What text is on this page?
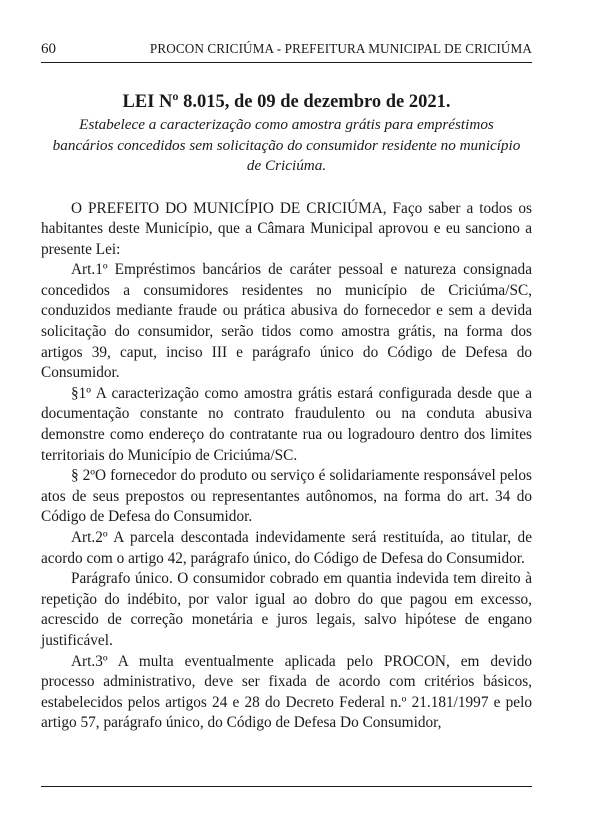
60	PROCON CRICIÚMA - PREFEITURA MUNICIPAL DE CRICIÚMA
LEI Nº 8.015, de 09 de dezembro de 2021.

Estabelece a caracterização como amostra grátis para empréstimos bancários concedidos sem solicitação do consumidor residente no município de Criciúma.

O PREFEITO DO MUNICÍPIO DE CRICIÚMA, Faço saber a todos os habitantes deste Município, que a Câmara Municipal aprovou e eu sanciono a presente Lei:

Art.1º Empréstimos bancários de caráter pessoal e natureza consignada concedidos a consumidores residentes no município de Criciúma/SC, conduzidos mediante fraude ou prática abusiva do fornecedor e sem a devida solicitação do consumidor, serão tidos como amostra grátis, na forma dos artigos 39, caput, inciso III e parágrafo único do Código de Defesa do Consumidor.

§1º A caracterização como amostra grátis estará configurada desde que a documentação constante no contrato fraudulento ou na conduta abusiva demonstre como endereço do contratante rua ou logradouro dentro dos limites territoriais do Município de Criciúma/SC.

§ 2ºO fornecedor do produto ou serviço é solidariamente responsável pelos atos de seus prepostos ou representantes autônomos, na forma do art. 34 do Código de Defesa do Consumidor.

Art.2º A parcela descontada indevidamente será restituída, ao titular, de acordo com o artigo 42, parágrafo único, do Código de Defesa do Consumidor.

Parágrafo único. O consumidor cobrado em quantia indevida tem direito à repetição do indébito, por valor igual ao dobro do que pagou em excesso, acrescido de correção monetária e juros legais, salvo hipótese de engano justificável.

Art.3º A multa eventualmente aplicada pelo PROCON, em devido processo administrativo, deve ser fixada de acordo com critérios básicos, estabelecidos pelos artigos 24 e 28 do Decreto Federal n.º 21.181/1997 e pelo artigo 57, parágrafo único, do Código de Defesa Do Consumidor,
